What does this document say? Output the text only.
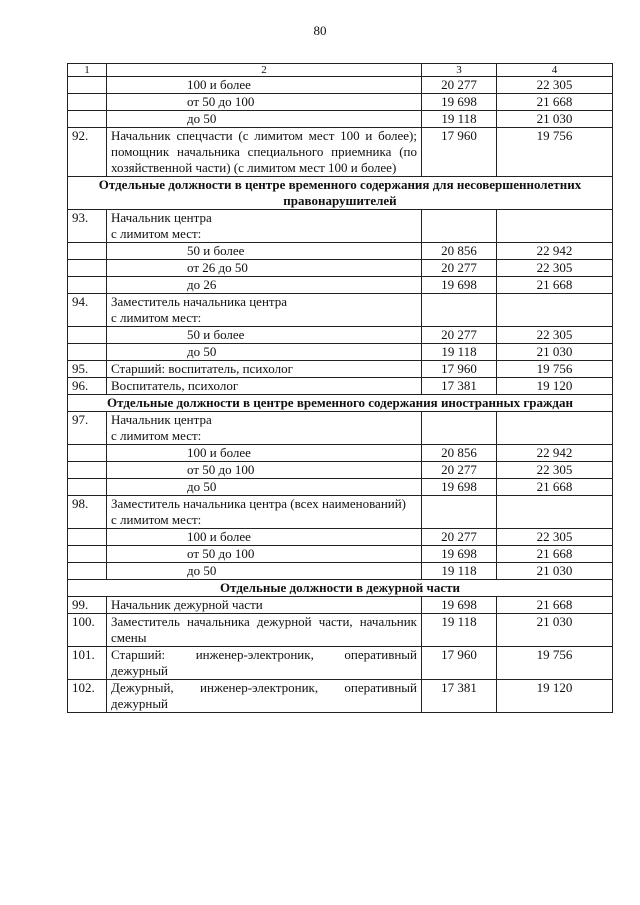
80
1	2	3	4
	100 и более	20 277	22 305
	от 50 до 100	19 698	21 668
	до 50	19 118	21 030
92.	Начальник спецчасти (с лимитом мест 100 и более); помощник начальника специального приемника (по хозяйственной части) (с лимитом мест 100 и более)	17 960	19 756
Отдельные должности в центре временного содержания для несовершеннолетних правонарушителей			
93.	Начальник центра
с лимитом мест:		
	50 и более	20 856	22 942
	от 26 до 50	20 277	22 305
	до 26	19 698	21 668
94.	Заместитель начальника центра
с лимитом мест:		
	50 и более	20 277	22 305
	до 50	19 118	21 030
95.	Старший: воспитатель, психолог	17 960	19 756
96.	Воспитатель, психолог	17 381	19 120
Отдельные должности в центре временного содержания иностранных граждан			
97.	Начальник центра
с лимитом мест:		
	100 и более	20 856	22 942
	от 50 до 100	20 277	22 305
	до 50	19 698	21 668
98.	Заместитель начальника центра (всех наименований)
с лимитом мест:		
	100 и более	20 277	22 305
	от 50 до 100	19 698	21 668
	до 50	19 118	21 030
Отдельные должности в дежурной части			
99.	Начальник дежурной части	19 698	21 668
100.	Заместитель начальника дежурной части, начальник смены	19 118	21 030
101.	Старший: инженер-электроник, оперативный дежурный	17 960	19 756
102.	Дежурный, инженер-электроник, оперативный дежурный	17 381	19 120
